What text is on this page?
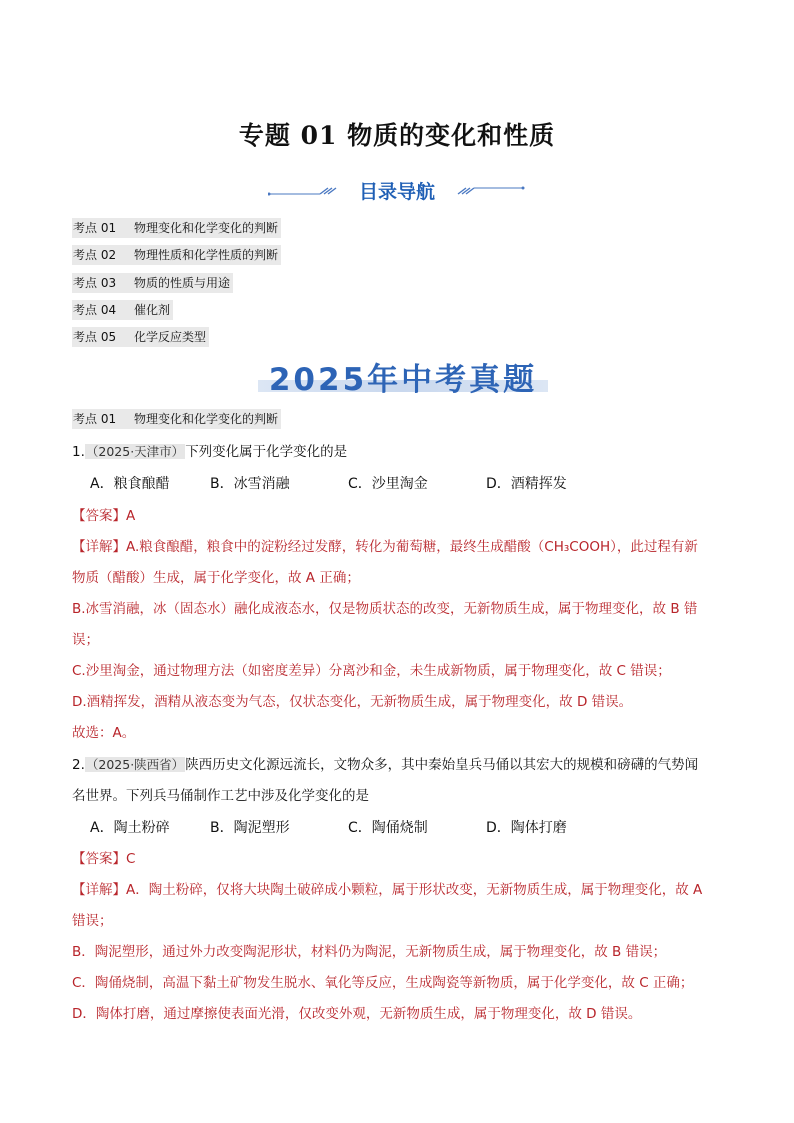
专题 01 物质的变化和性质
目录导航
考点 01	物理变化和化学变化的判断
考点 02	物理性质和化学性质的判断
考点 03	物质的性质与用途
考点 04	催化剂
考点 05	化学反应类型
2025年中考真题
考点 01 物理变化和化学变化的判断
1.（2025·天津市）下列变化属于化学变化的是
A．粮食酿醋	B．冰雪消融	C．沙里淘金	D．酒精挥发
【答案】A
【详解】A.粮食酿醋，粮食中的淀粉经过发酵，转化为葡萄糖，最终生成醋酸（CH₃COOH），此过程有新
物质（醋酸）生成，属于化学变化，故 A 正确；
B.冰雪消融，冰（固态水）融化成液态水，仅是物质状态的改变，无新物质生成，属于物理变化，故 B 错
误；
C.沙里淘金，通过物理方法（如密度差异）分离沙和金，未生成新物质，属于物理变化，故 C 错误；
D.酒精挥发，酒精从液态变为气态，仅状态变化，无新物质生成，属于物理变化，故 D 错误。
故选：A。
2.（2025·陕西省）陕西历史文化源远流长，文物众多，其中秦始皇兵马俑以其宏大的规模和磅礴的气势闻
名世界。下列兵马俑制作工艺中涉及化学变化的是
A．陶土粉碎	B．陶泥塑形	C．陶俑烧制	D．陶体打磨
【答案】C
【详解】A．陶土粉碎，仅将大块陶土破碎成小颗粒，属于形状改变，无新物质生成，属于物理变化，故 A
错误；
B．陶泥塑形，通过外力改变陶泥形状，材料仍为陶泥，无新物质生成，属于物理变化，故 B 错误；
C．陶俑烧制，高温下黏土矿物发生脱水、氧化等反应，生成陶瓷等新物质，属于化学变化，故 C 正确；
D．陶体打磨，通过摩擦使表面光滑，仅改变外观，无新物质生成，属于物理变化，故 D 错误。
